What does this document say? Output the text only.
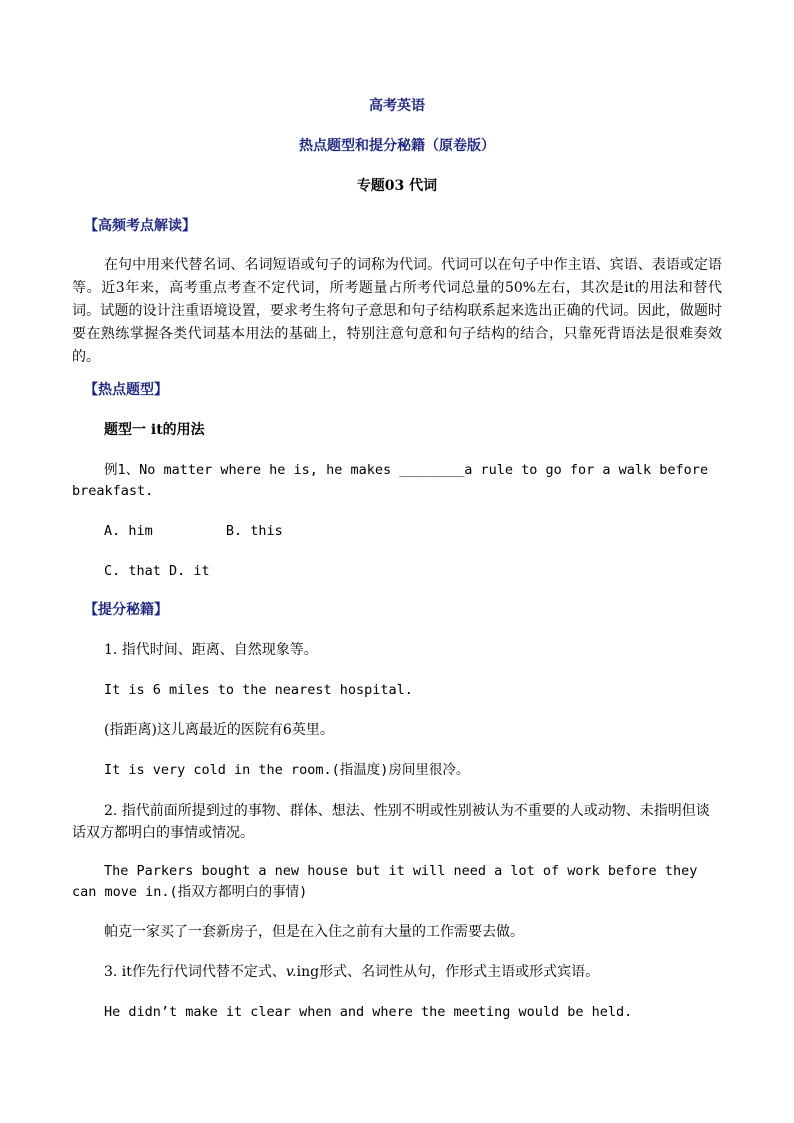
高考英语
热点题型和提分秘籍（原卷版）
专题03 代词
【高频考点解读】
在句中用来代替名词、名词短语或句子的词称为代词。代词可以在句子中作主语、宾语、表语或定语等。近3年来，高考重点考查不定代词，所考题量占所考代词总量的50%左右，其次是it的用法和替代词。试题的设计注重语境设置，要求考生将句子意思和句子结构联系起来选出正确的代词。因此，做题时要在熟练掌握各类代词基本用法的基础上，特别注意句意和句子结构的结合，只靠死背语法是很难奏效的。
【热点题型】
题型一 it的用法
例1、No matter where he is, he makes ________a rule to go for a walk before breakfast.
A. him         B. this
C. that D. it
【提分秘籍】
1. 指代时间、距离、自然现象等。
It is 6 miles to the nearest hospital.
(指距离)这儿离最近的医院有6英里。
It is very cold in the room.(指温度)房间里很冷。
2. 指代前面所提到过的事物、群体、想法、性别不明或性别被认为不重要的人或动物、未指明但谈话双方都明白的事情或情况。
The Parkers bought a new house but it will need a lot of work before they can move in.(指双方都明白的事情)
帕克一家买了一套新房子，但是在入住之前有大量的工作需要去做。
3. it作先行代词代替不定式、v.ing形式、名词性从句，作形式主语或形式宾语。
He didn’t make it clear when and where the meeting would be held.
